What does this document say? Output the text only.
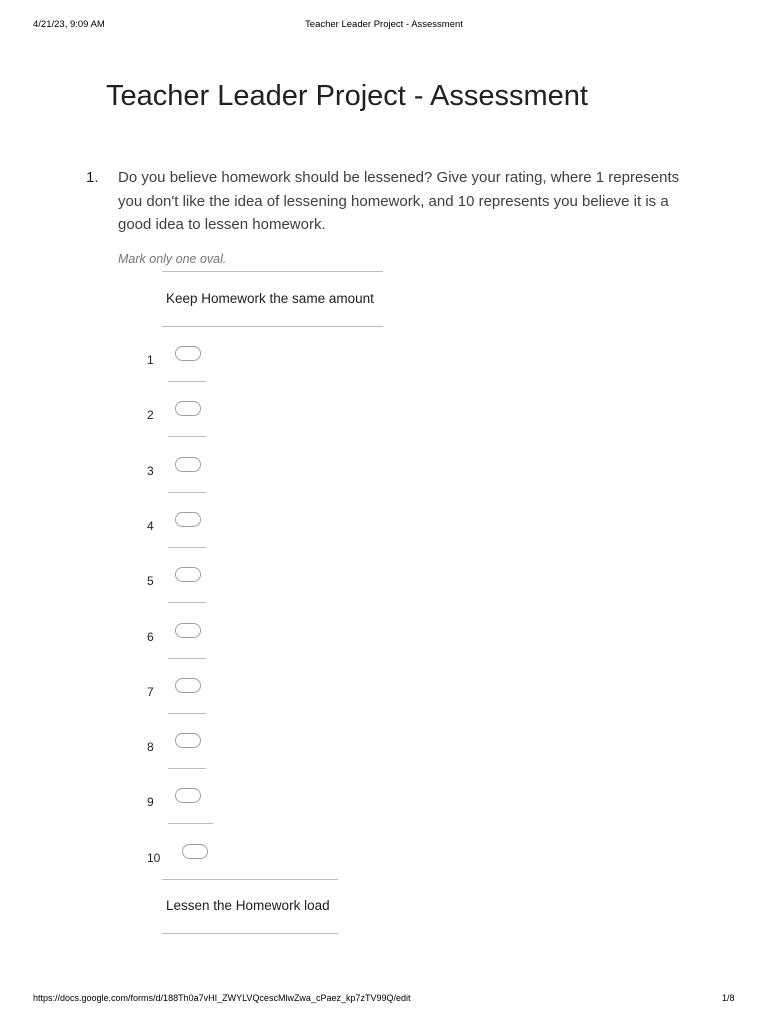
4/21/23, 9:09 AM	Teacher Leader Project - Assessment
Teacher Leader Project - Assessment
1. Do you believe homework should be lessened? Give your rating, where 1 represents you don't like the idea of lessening homework, and 10 represents you believe it is a good idea to lessen homework.
Mark only one oval.
Keep Homework the same amount
1
2
3
4
5
6
7
8
9
10
Lessen the Homework load
https://docs.google.com/forms/d/188Th0a7vHI_ZWYLVQcescMlwZwa_cPaez_kp7zTV99Q/edit	1/8
